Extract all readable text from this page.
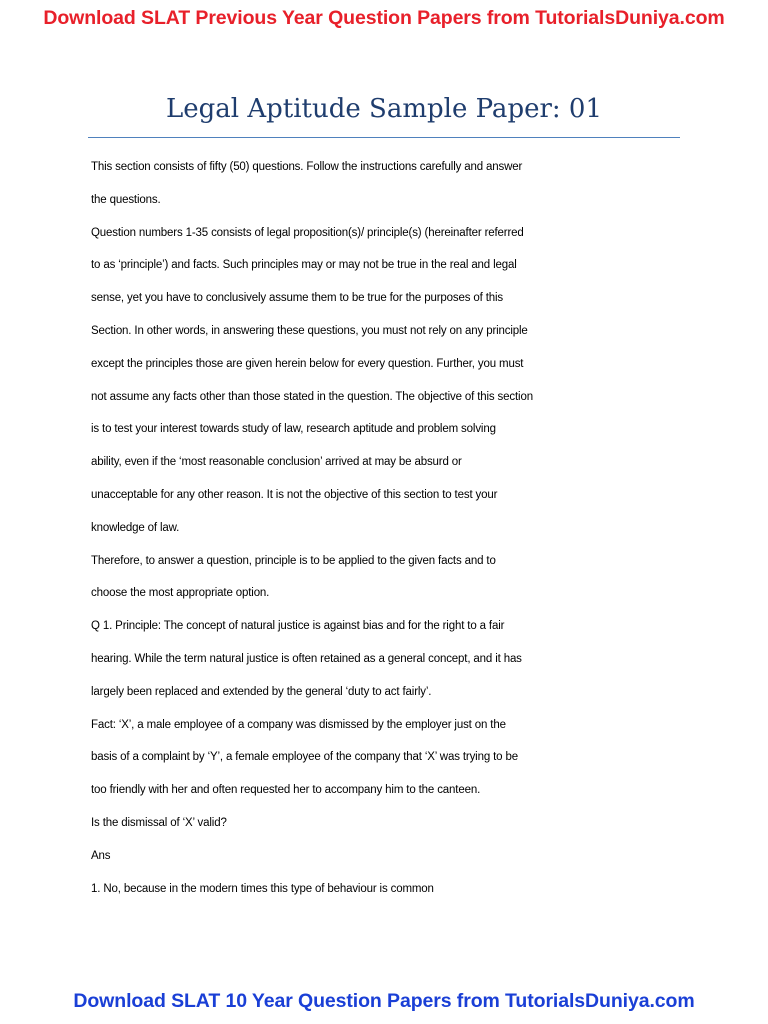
Download SLAT Previous Year Question Papers from TutorialsDuniya.com
Legal Aptitude Sample Paper: 01
This section consists of fifty (50) questions. Follow the instructions carefully and answer
the questions.
Question numbers 1-35 consists of legal proposition(s)/ principle(s) (hereinafter referred
to as ‘principle’) and facts. Such principles may or may not be true in the real and legal
sense, yet you have to conclusively assume them to be true for the purposes of this
Section. In other words, in answering these questions, you must not rely on any principle
except the principles those are given herein below for every question. Further, you must
not assume any facts other than those stated in the question. The objective of this section
is to test your interest towards study of law, research aptitude and problem solving
ability, even if the ‘most reasonable conclusion’ arrived at may be absurd or
unacceptable for any other reason. It is not the objective of this section to test your
knowledge of law.
Therefore, to answer a question, principle is to be applied to the given facts and to
choose the most appropriate option.
Q 1. Principle: The concept of natural justice is against bias and for the right to a fair
hearing. While the term natural justice is often retained as a general concept, and it has
largely been replaced and extended by the general ‘duty to act fairly’.
Fact: ‘X’, a male employee of a company was dismissed by the employer just on the
basis of a complaint by ‘Y’, a female employee of the company that ‘X’ was trying to be
too friendly with her and often requested her to accompany him to the canteen.
Is the dismissal of ‘X’ valid?
Ans
1. No, because in the modern times this type of behaviour is common
Download SLAT 10 Year Question Papers from TutorialsDuniya.com
